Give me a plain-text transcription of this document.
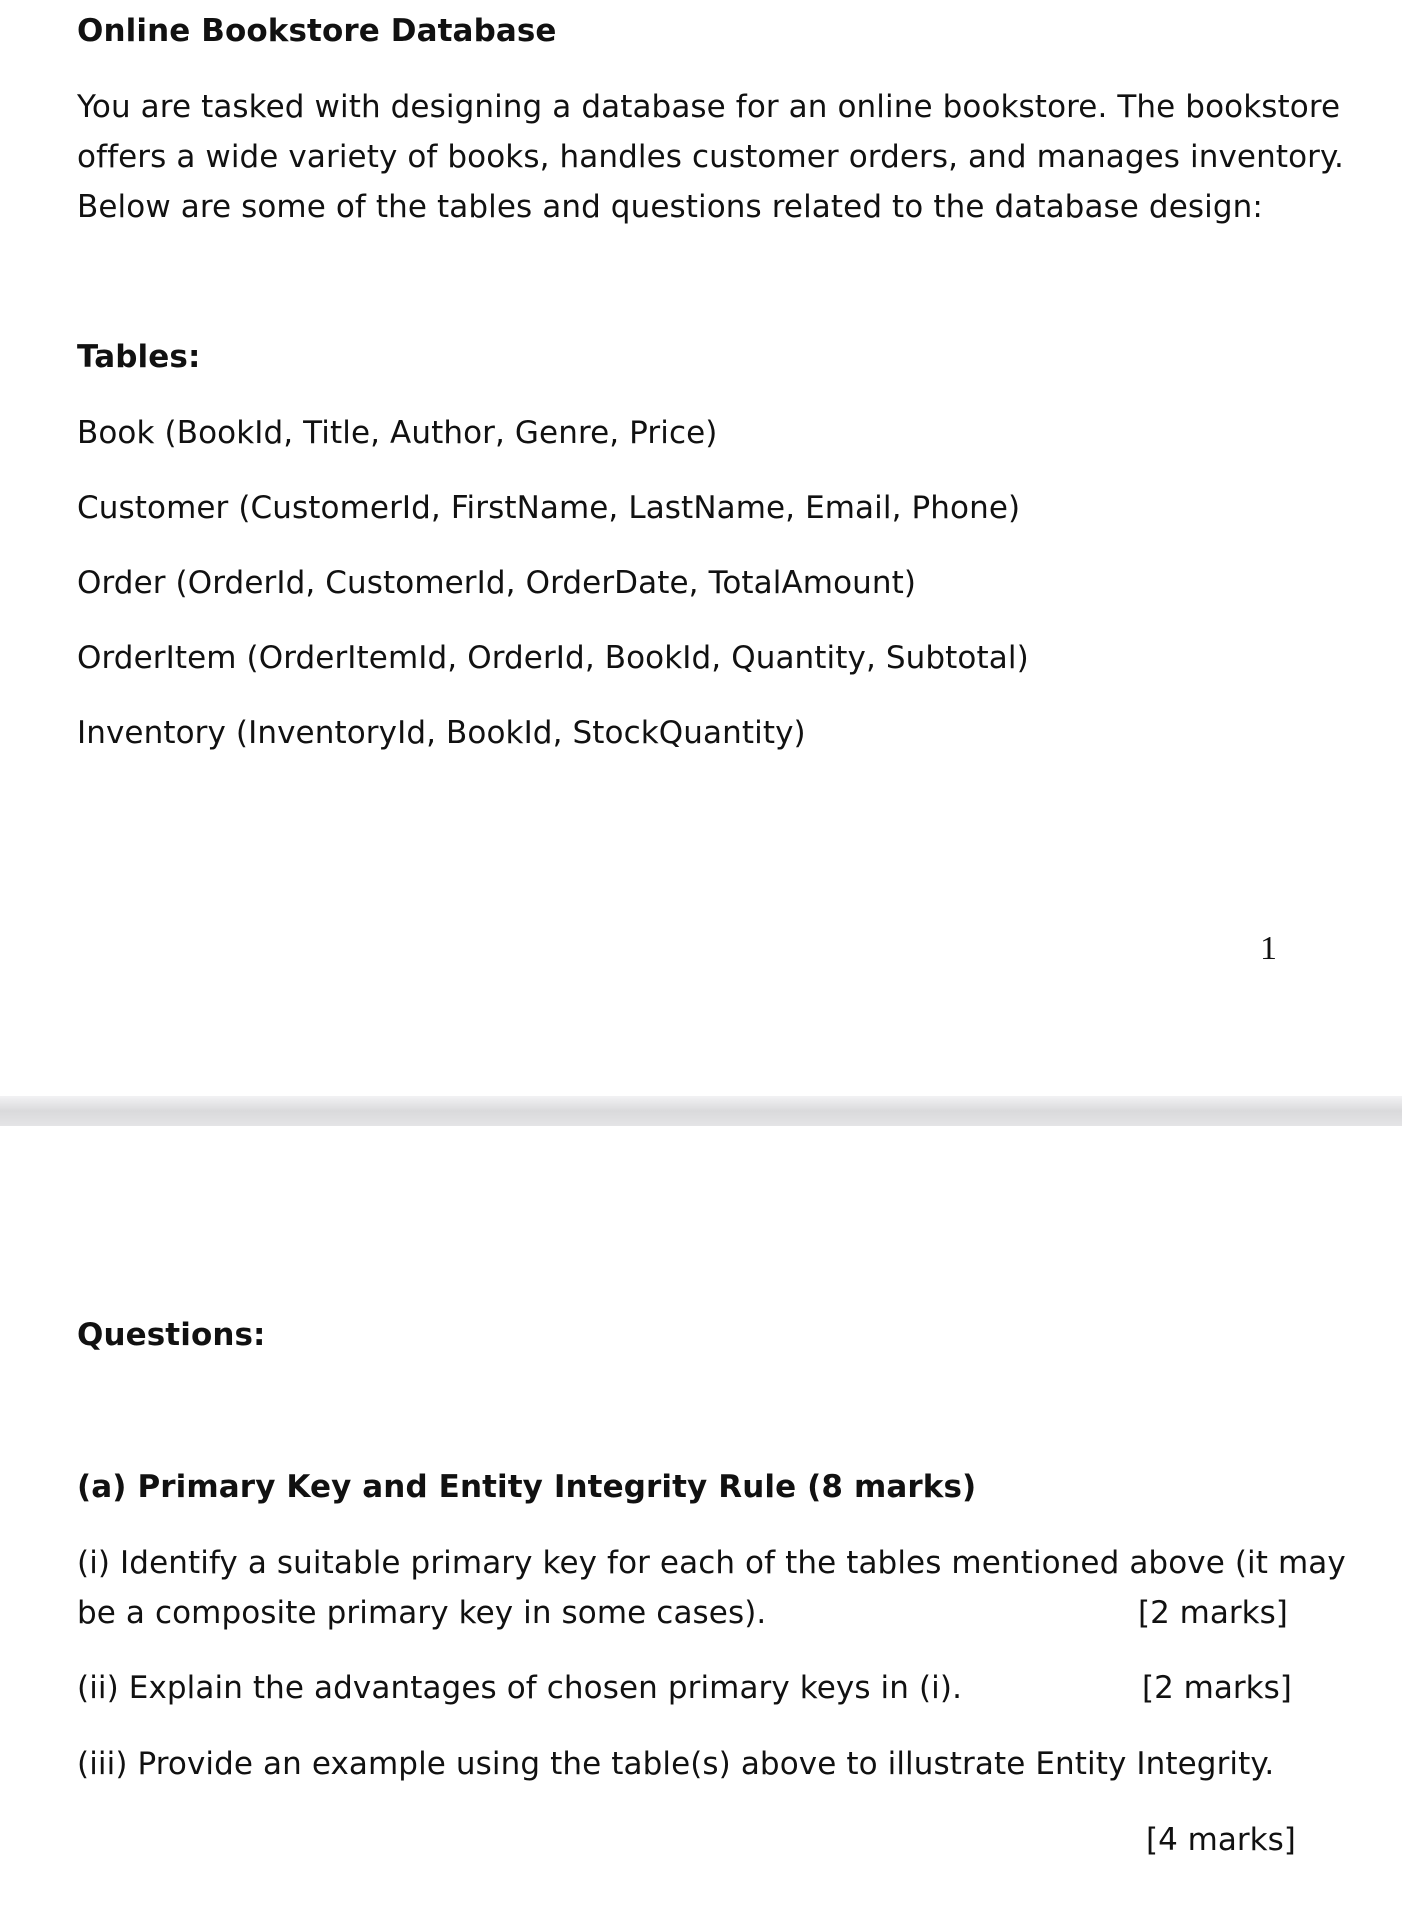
Online Bookstore Database
You are tasked with designing a database for an online bookstore. The bookstore
offers a wide variety of books, handles customer orders, and manages inventory.
Below are some of the tables and questions related to the database design:
Tables:
Book (BookId, Title, Author, Genre, Price)
Customer (CustomerId, FirstName, LastName, Email, Phone)
Order (OrderId, CustomerId, OrderDate, TotalAmount)
OrderItem (OrderItemId, OrderId, BookId, Quantity, Subtotal)
Inventory (InventoryId, BookId, StockQuantity)
1
Questions:
(a) Primary Key and Entity Integrity Rule (8 marks)
(i) Identify a suitable primary key for each of the tables mentioned above (it may
be a composite primary key in some cases).	[2 marks]
(ii) Explain the advantages of chosen primary keys in (i).	[2 marks]
(iii) Provide an example using the table(s) above to illustrate Entity Integrity.
[4 marks]
